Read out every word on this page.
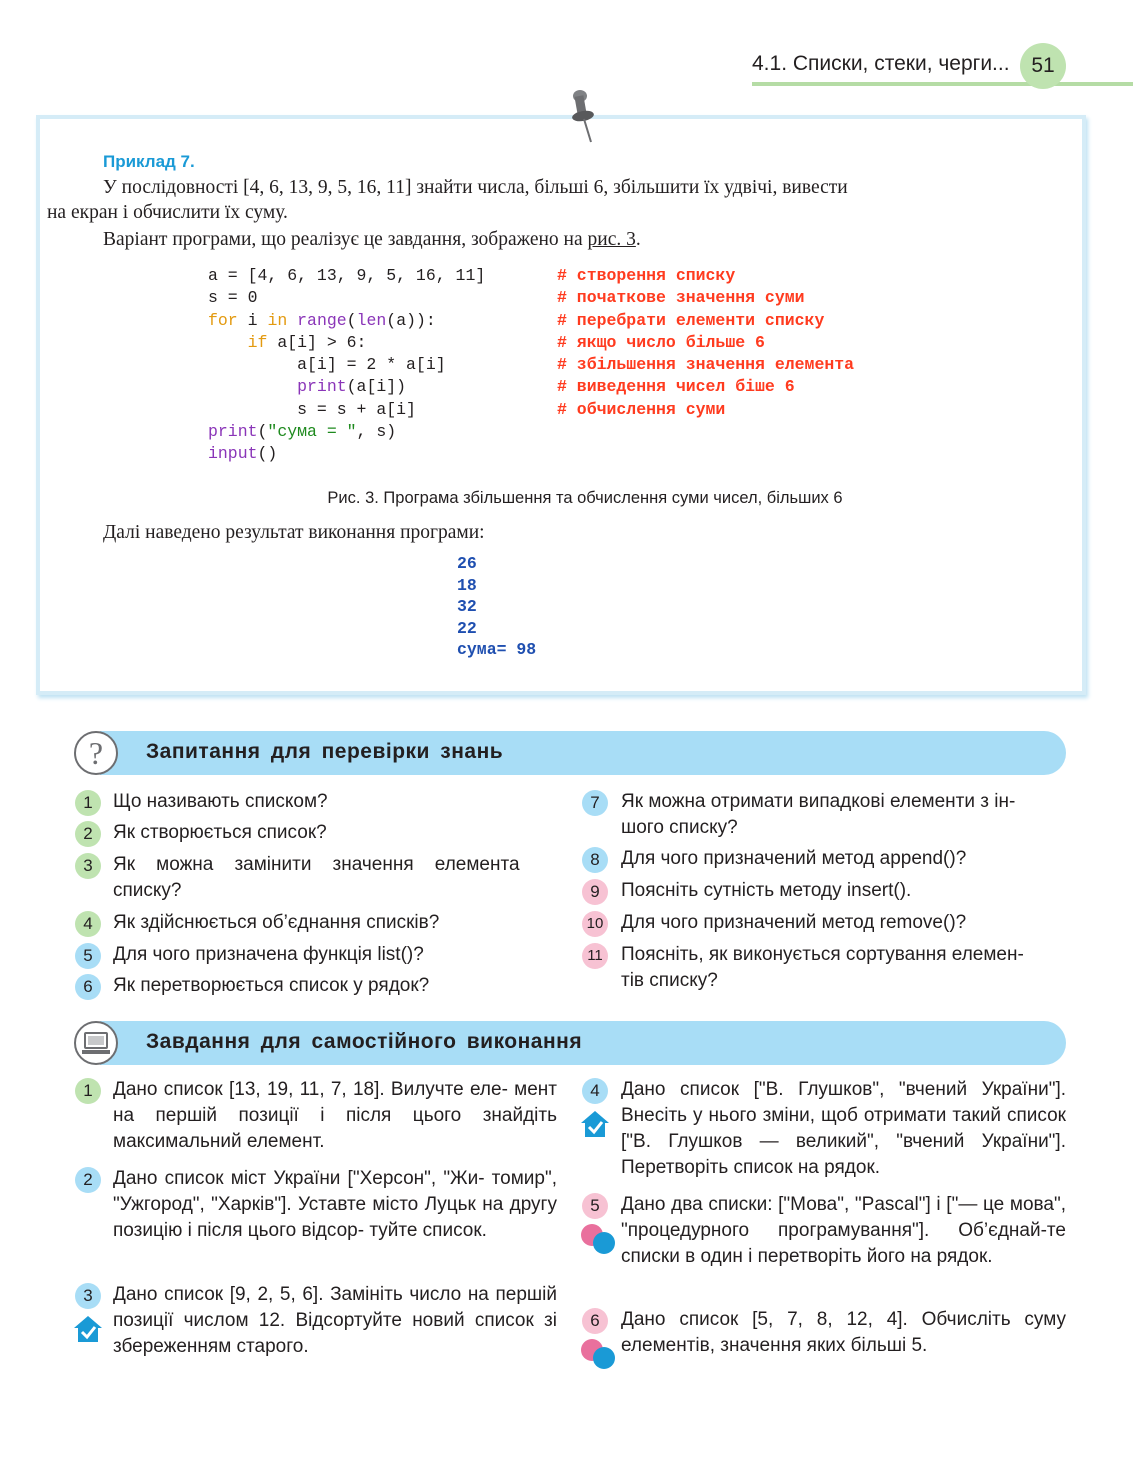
4.1. Списки, стеки, черги...	51
Приклад 7.
У послідовності [4, 6, 13, 9, 5, 16, 11] знайти числа, більші 6, збільшити їх удвічі, вивести
на екран і обчислити їх суму.
Варіант програми, що реалізує це завдання, зображено на рис. 3.
a = [4, 6, 13, 9, 5, 16, 11]
s = 0
for i in range(len(a)):
if a[i] > 6:
a[i] = 2 * a[i]
print(a[i])
s = s + a[i]
print("сума = ", s)
input()
# створення списку
# початкове значення суми
# перебрати елементи списку
# якщо число більше 6
# збільшення значення елемента
# виведення чисел біше 6
# обчислення суми
Рис. 3. Програма збільшення та обчислення суми чисел, більших 6
Далі наведено результат виконання програми:
26
18
32
22
сума= 98
? Запитання для перевірки знань
1	Що називають списком?
2	Як створюється список?
3	Як    можна    замінити    значення    елемента
списку?
4	Як здійснюється об’єднання списків?
5	Для чого призначена функція list()?
6	Як перетворюється список у рядок?
7	Як можна отримати випадкові елементи з ін-
шого списку?
8	Для чого призначений метод append()?
9	Поясніть сутність методу insert().
10 Для чого призначений метод remove()?
11 Поясніть, як виконується сортування елемен-
тів списку?
Завдання для самостійного виконання
1	Дано список [13, 19, 11, 7, 18]. Вилучте еле- мент на першій позиції і після цього знайдіть максимальний елемент.
2	Дано список міст України ["Херсон", "Жи- томир", "Ужгород", "Харків"]. Уставте місто Луцьк на другу позицію і після цього відсор- туйте список.
3	Дано список [9, 2, 5, 6]. Замініть число на першій позиції числом 12. Відсортуйте новий список зі збереженням старого.
4	Дано список ["В. Глушков", "вчений України"]. Внесіть у нього зміни, щоб отримати такий список ["В. Глушков — великий", "вчений України"]. Перетворіть список на рядок.
5	Дано два списки: ["Мова", "Pascal"] і ["— це мова", "процедурного програмування"]. Об’єднай-те списки в один і перетворіть його на рядок.
6	Дано список [5, 7, 8, 12, 4]. Обчисліть суму елементів, значення яких більші 5.
